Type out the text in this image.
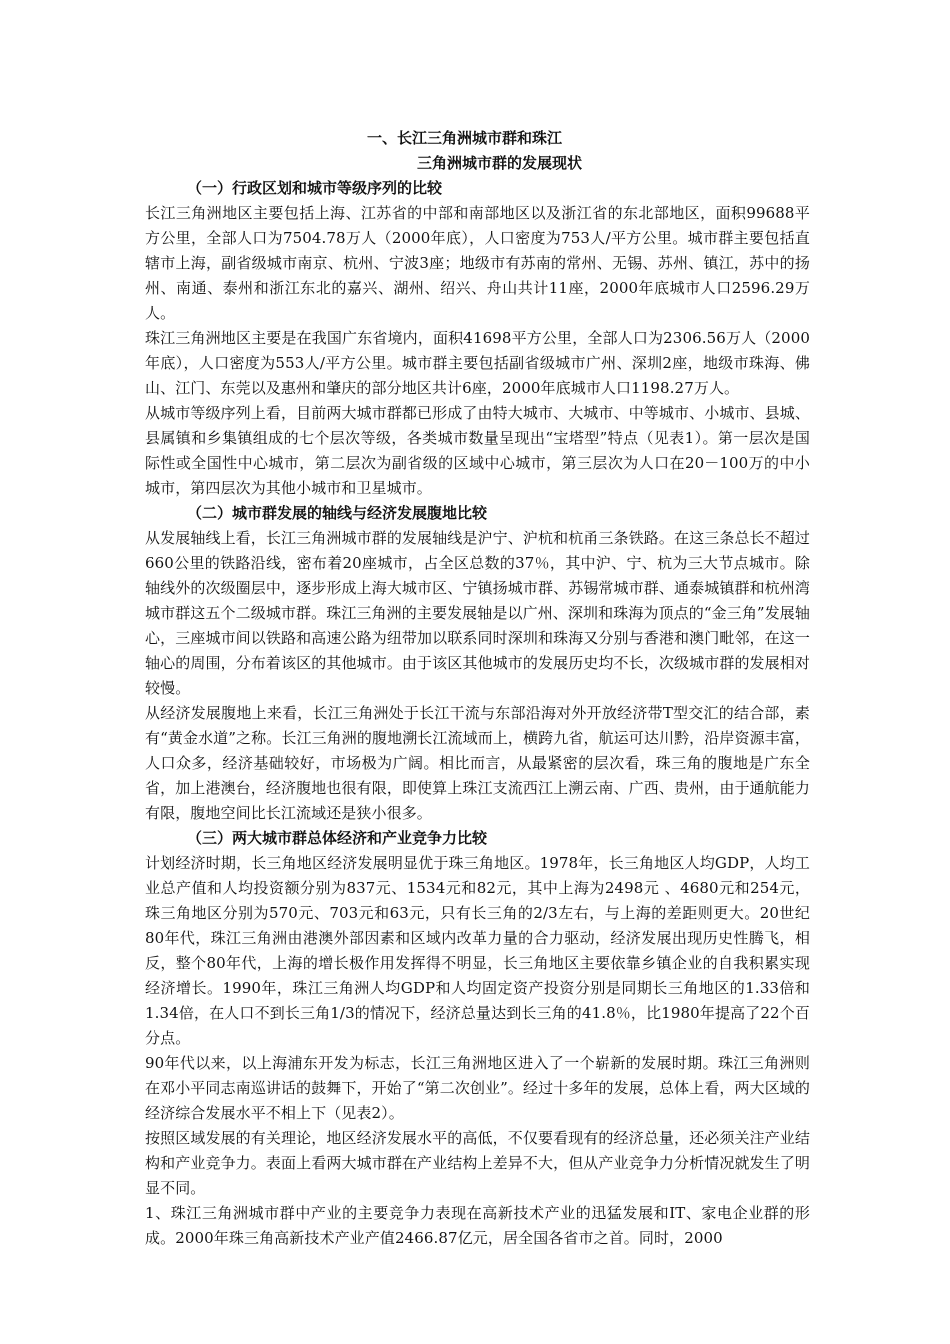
一、长江三角洲城市群和珠江

三角洲城市群的发展现状

（一）行政区划和城市等级序列的比较

长江三角洲地区主要包括上海、江苏省的中部和南部地区以及浙江省的东北部地区，面积99688平方公里，全部人口为7504.78万人（2000年底），人口密度为753人/平方公里。城市群主要包括直辖市上海，副省级城市南京、杭州、宁波3座；地级市有苏南的常州、无锡、苏州、镇江，苏中的扬州、南通、泰州和浙江东北的嘉兴、湖州、绍兴、舟山共计11座，2000年底城市人口2596.29万人。

珠江三角洲地区主要是在我国广东省境内，面积41698平方公里，全部人口为2306.56万人（2000年底），人口密度为553人/平方公里。城市群主要包括副省级城市广州、深圳2座，地级市珠海、佛山、江门、东莞以及惠州和肇庆的部分地区共计6座，2000年底城市人口1198.27万人。

从城市等级序列上看，目前两大城市群都已形成了由特大城市、大城市、中等城市、小城市、县城、县属镇和乡集镇组成的七个层次等级，各类城市数量呈现出“宝塔型”特点（见表1）。第一层次是国际性或全国性中心城市，第二层次为副省级的区域中心城市，第三层次为人口在20－100万的中小城市，第四层次为其他小城市和卫星城市。

（二）城市群发展的轴线与经济发展腹地比较

从发展轴线上看，长江三角洲城市群的发展轴线是沪宁、沪杭和杭甬三条铁路。在这三条总长不超过660公里的铁路沿线，密布着20座城市，占全区总数的37％，其中沪、宁、杭为三大节点城市。除轴线外的次级圈层中，逐步形成上海大城市区、宁镇扬城市群、苏锡常城市群、通泰城镇群和杭州湾城市群这五个二级城市群。珠江三角洲的主要发展轴是以广州、深圳和珠海为顶点的“金三角”发展轴心，三座城市间以铁路和高速公路为纽带加以联系同时深圳和珠海又分别与香港和澳门毗邻，在这一轴心的周围，分布着该区的其他城市。由于该区其他城市的发展历史均不长，次级城市群的发展相对较慢。

从经济发展腹地上来看，长江三角洲处于长江干流与东部沿海对外开放经济带T型交汇的结合部，素有“黄金水道”之称。长江三角洲的腹地溯长江流域而上，横跨九省，航运可达川黔，沿岸资源丰富，人口众多，经济基础较好，市场极为广阔。相比而言，从最紧密的层次看，珠三角的腹地是广东全省，加上港澳台，经济腹地也很有限，即使算上珠江支流西江上溯云南、广西、贵州，由于通航能力有限，腹地空间比长江流域还是狭小很多。

（三）两大城市群总体经济和产业竞争力比较

计划经济时期，长三角地区经济发展明显优于珠三角地区。1978年，长三角地区人均GDP，人均工业总产值和人均投资额分别为837元、1534元和82元，其中上海为2498元 、4680元和254元，珠三角地区分别为570元、703元和63元，只有长三角的2/3左右，与上海的差距则更大。20世纪80年代，珠江三角洲由港澳外部因素和区域内改革力量的合力驱动，经济发展出现历史性腾飞，相反，整个80年代，上海的增长极作用发挥得不明显，长三角地区主要依靠乡镇企业的自我积累实现经济增长。1990年，珠江三角洲人均GDP和人均固定资产投资分别是同期长三角地区的1.33倍和1.34倍，在人口不到长三角1/3的情况下，经济总量达到长三角的41.8％，比1980年提高了22个百分点。

90年代以来，以上海浦东开发为标志，长江三角洲地区进入了一个崭新的发展时期。珠江三角洲则在邓小平同志南巡讲话的鼓舞下，开始了“第二次创业”。经过十多年的发展，总体上看，两大区域的经济综合发展水平不相上下（见表2）。

按照区域发展的有关理论，地区经济发展水平的高低，不仅要看现有的经济总量，还必须关注产业结构和产业竞争力。表面上看两大城市群在产业结构上差异不大，但从产业竞争力分析情况就发生了明显不同。

1、珠江三角洲城市群中产业的主要竞争力表现在高新技术产业的迅猛发展和IT、家电企业群的形成。2000年珠三角高新技术产业产值2466.87亿元，居全国各省市之首。同时，2000
